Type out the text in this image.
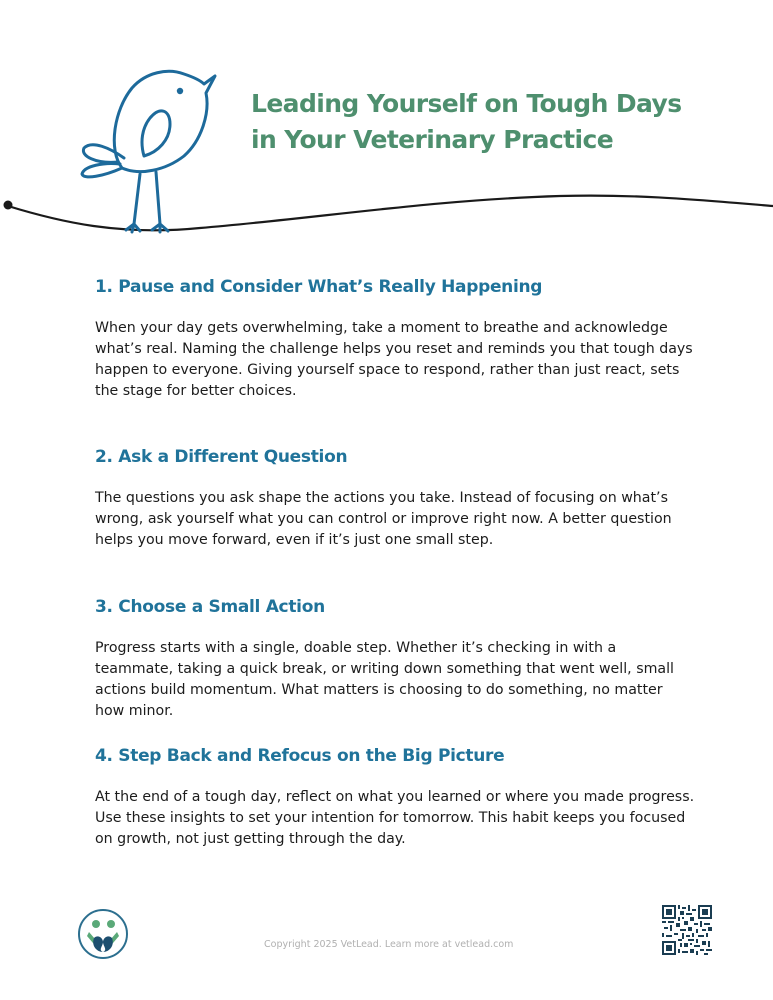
Leading Yourself on Tough Days
in Your Veterinary Practice
1. Pause and Consider What’s Really Happening

When your day gets overwhelming, take a moment to breathe and acknowledge what’s real. Naming the challenge helps you reset and reminds you that tough days happen to everyone. Giving yourself space to respond, rather than just react, sets the stage for better choices.

2. Ask a Different Question

The questions you ask shape the actions you take. Instead of focusing on what’s wrong, ask yourself what you can control or improve right now. A better question helps you move forward, even if it’s just one small step.

3. Choose a Small Action

Progress starts with a single, doable step. Whether it’s checking in with a teammate, taking a quick break, or writing down something that went well, small actions build momentum. What matters is choosing to do something, no matter how minor.

4. Step Back and Refocus on the Big Picture

At the end of a tough day, reflect on what you learned or where you made progress. Use these insights to set your intention for tomorrow. This habit keeps you focused on growth, not just getting through the day.

Copyright 2025 VetLead. Learn more at vetlead.com
